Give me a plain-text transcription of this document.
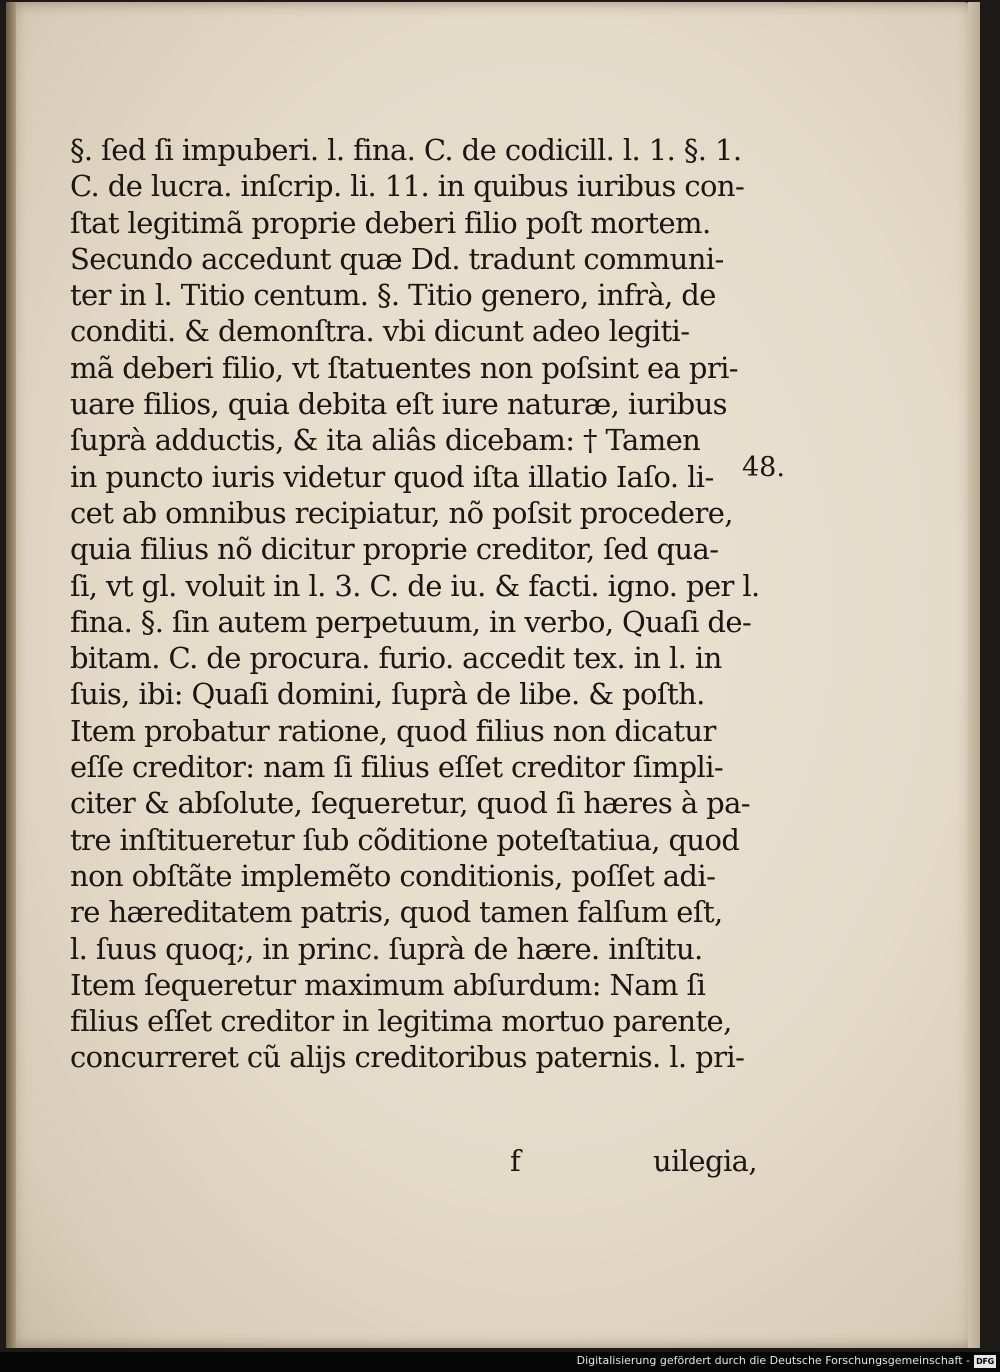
§. ſed ſi impuberi. l. fina. C. de codicill. l. 1. §. 1.
C. de lucra. inſcrip. li. 11. in quibus iuribus con-
ſtat legitimã proprie deberi filio poſt mortem.
Secundo accedunt quæ Dd. tradunt communi-
ter in l. Titio centum. §. Titio genero, infrà, de
conditi. & demonſtra. vbi dicunt adeo legiti-
mã deberi filio, vt ſtatuentes non poſsint ea pri-
uare filios, quia debita eſt iure naturæ, iuribus
ſuprà adductis, & ita aliâs dicebam: † Tamen
in puncto iuris videtur quod iſta illatio Iaſo. li-
cet ab omnibus recipiatur, nõ poſsit procedere,
quia filius nõ dicitur proprie creditor, ſed qua-
ſi, vt gl. voluit in l. 3. C. de iu. & facti. igno. per l.
fina. §. ſin autem perpetuum, in verbo, Quaſi de-
bitam. C. de procura. furio. accedit tex. in l. in
ſuis, ibi: Quaſi domini, ſuprà de libe. & poſth.
Item probatur ratione, quod filius non dicatur
eſſe creditor: nam ſi filius eſſet creditor ſimpli-
citer & abſolute, ſequeretur, quod ſi hæres à pa-
tre inſtitueretur ſub cõditione poteſtatiua, quod
non obſtãte implemẽto conditionis, poſſet adi-
re hæreditatem patris, quod tamen falſum eſt,
l. ſuus quoq;, in princ. ſuprà de hære. inſtitu.
Item ſequeretur maximum abſurdum: Nam ſi
filius eſſet creditor in legitima mortuo parente,
concurreret cũ alijs creditoribus paternis. l. pri-
f	uilegia,
48.
Digitalisierung gefördert durch die Deutsche Forschungsgemeinschaft - DFG
